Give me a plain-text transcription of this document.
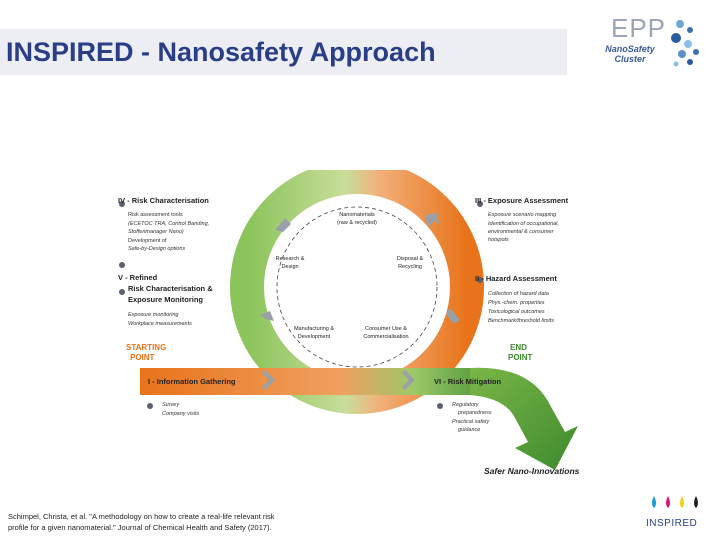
INSPIRED - Nanosafety Approach
EPP
NanoSafety
Cluster
IV - Risk Characterisation
Risk assessment tools
(ECETOC TRA, Control Banding,
Stoffenmanager Nano)
Development of
Safe-by-Design options
V - Refined
Risk Characterisation &
Exposure Monitoring
Exposure monitoring
Workplace measurements
III - Exposure Assessment
Exposure scenario mapping
Identification of occupational,
environmental & consumer
hotspots
II - Hazard Assessment
Collection of hazard data
Phys.-chem. properties
Toxicological outcomes
Benchmark/threshold limits
Nanomaterials
(raw & recycled)
Research &
Design
Disposal &
Recycling
Manufacturing &
Development
Consumer Use &
Commercialisation
STARTING
POINT
END
POINT
I - Information Gathering	VI - Risk Mitigation
Survey
Company visits
Regulatory
preparedness
Practical safety
guidance
Safer Nano-Innovations
Schimpel, Christa, et al. "A methodology on how to create a real-life relevant risk
profile for a given nanomaterial." Journal of Chemical Health and Safety (2017).	INSPIRED
